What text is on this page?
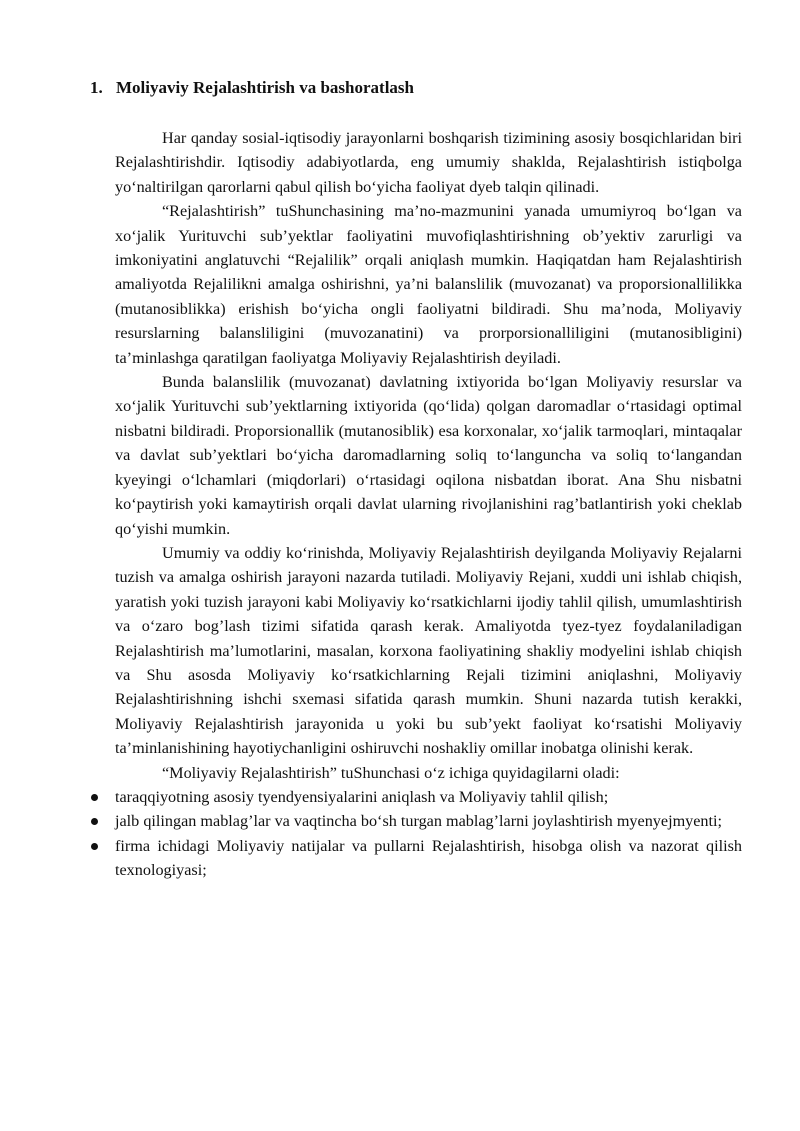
1. Moliyaviy Rejalashtirish va bashoratlash

Har qanday sosial-iqtisodiy jarayonlarni boshqarish tizimining asosiy bosqichlaridan biri Rejalashtirishdir. Iqtisodiy adabiyotlarda, eng umumiy shaklda, Rejalashtirish istiqbolga yo‘naltirilgan qarorlarni qabul qilish bo‘yicha faoliyat dyeb talqin qilinadi.

“Rejalashtirish” tuShunchasining ma’no-mazmunini yanada umumiyroq bo‘lgan va xo‘jalik Yurituvchi sub’yektlar faoliyatini muvofiqlashtirishning ob’yektiv zarurligi va imkoniyatini anglatuvchi “Rejalilik” orqali aniqlash mumkin. Haqiqatdan ham Rejalashtirish amaliyotda Rejalilikni amalga oshirishni, ya’ni balanslilik (muvozanat) va proporsionallilikka (mutanosiblikka) erishish bo‘yicha ongli faoliyatni bildiradi. Shu ma’noda, Moliyaviy resurslarning balansliligini (muvozanatini) va prorporsionalliligini (mutanosibligini) ta’minlashga qaratilgan faoliyatga Moliyaviy Rejalashtirish deyiladi.

Bunda balanslilik (muvozanat) davlatning ixtiyorida bo‘lgan Moliyaviy resurslar va xo‘jalik Yurituvchi sub’yektlarning ixtiyorida (qo‘lida) qolgan daromadlar o‘rtasidagi optimal nisbatni bildiradi. Proporsionallik (mutanosiblik) esa korxonalar, xo‘jalik tarmoqlari, mintaqalar va davlat sub’yektlari bo‘yicha daromadlarning soliq to‘languncha va soliq to‘langandan kyeyingi o‘lchamlari (miqdorlari) o‘rtasidagi oqilona nisbatdan iborat. Ana Shu nisbatni ko‘paytirish yoki kamaytirish orqali davlat ularning rivojlanishini rag’batlantirish yoki cheklab qo‘yishi mumkin.

Umumiy va oddiy ko‘rinishda, Moliyaviy Rejalashtirish deyilganda Moliyaviy Rejalarni tuzish va amalga oshirish jarayoni nazarda tutiladi. Moliyaviy Rejani, xuddi uni ishlab chiqish, yaratish yoki tuzish jarayoni kabi Moliyaviy ko‘rsatkichlarni ijodiy tahlil qilish, umumlashtirish va o‘zaro bog’lash tizimi sifatida qarash kerak. Amaliyotda tyez-tyez foydalaniladigan Rejalashtirish ma’lumotlarini, masalan, korxona faoliyatining shakliy modyelini ishlab chiqish va Shu asosda Moliyaviy ko‘rsatkichlarning Rejali tizimini aniqlashni, Moliyaviy Rejalashtirishning ishchi sxemasi sifatida qarash mumkin. Shuni nazarda tutish kerakki, Moliyaviy Rejalashtirish jarayonida u yoki bu sub’yekt faoliyat ko‘rsatishi Moliyaviy ta’minlanishining hayotiychanligini oshiruvchi noshakliy omillar inobatga olinishi kerak.

“Moliyaviy Rejalashtirish” tuShunchasi o‘z ichiga quyidagilarni oladi:

taraqqiyotning asosiy tyendyensiyalarini aniqlash va Moliyaviy tahlil qilish;
jalb qilingan mablag’lar va vaqtincha bo‘sh turgan mablag’larni joylashtirish myenyejmyenti;
firma ichidagi Moliyaviy natijalar va pullarni Rejalashtirish, hisobga olish va nazorat qilish texnologiyasi;
